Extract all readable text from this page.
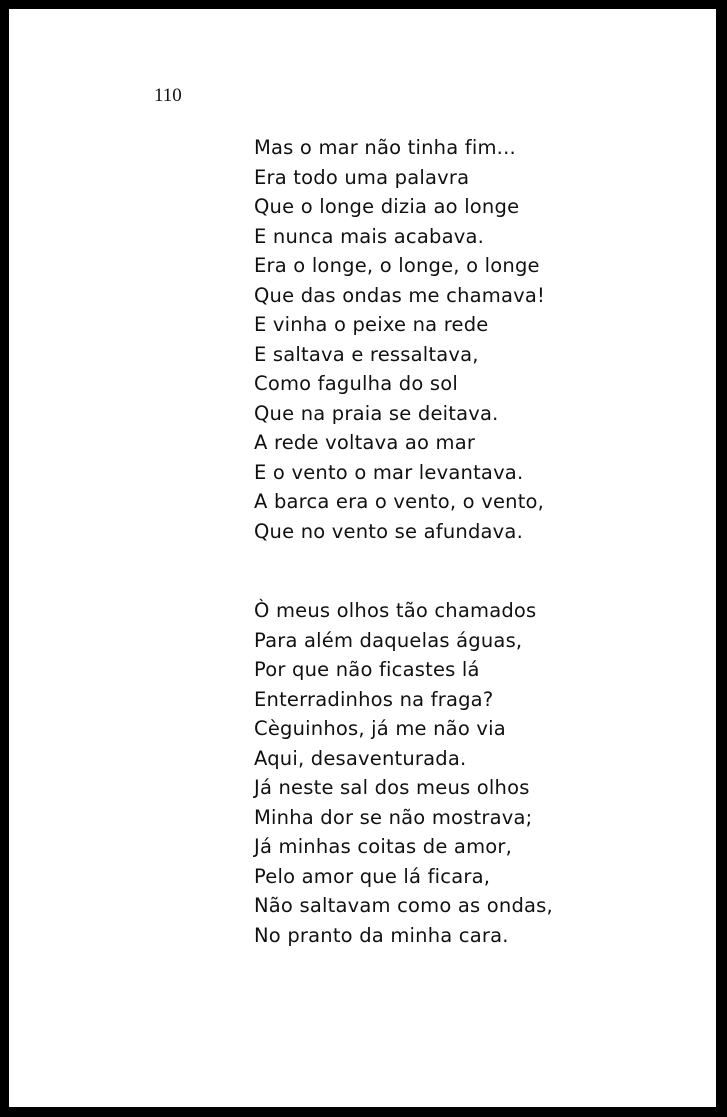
110
Mas o mar não tinha fim...
Era todo uma palavra
Que o longe dizia ao longe
E nunca mais acabava.
Era o longe, o longe, o longe
Que das ondas me chamava!
E vinha o peixe na rede
E saltava e ressaltava,
Como fagulha do sol
Que na praia se deitava.
A rede voltava ao mar
E o vento o mar levantava.
A barca era o vento, o vento,
Que no vento se afundava.
Ò meus olhos tão chamados
Para além daquelas águas,
Por que não ficastes lá
Enterradinhos na fraga?
Cèguinhos, já me não via
Aqui, desaventurada.
Já neste sal dos meus olhos
Minha dor se não mostrava;
Já minhas coitas de amor,
Pelo amor que lá ficara,
Não saltavam como as ondas,
No pranto da minha cara.
